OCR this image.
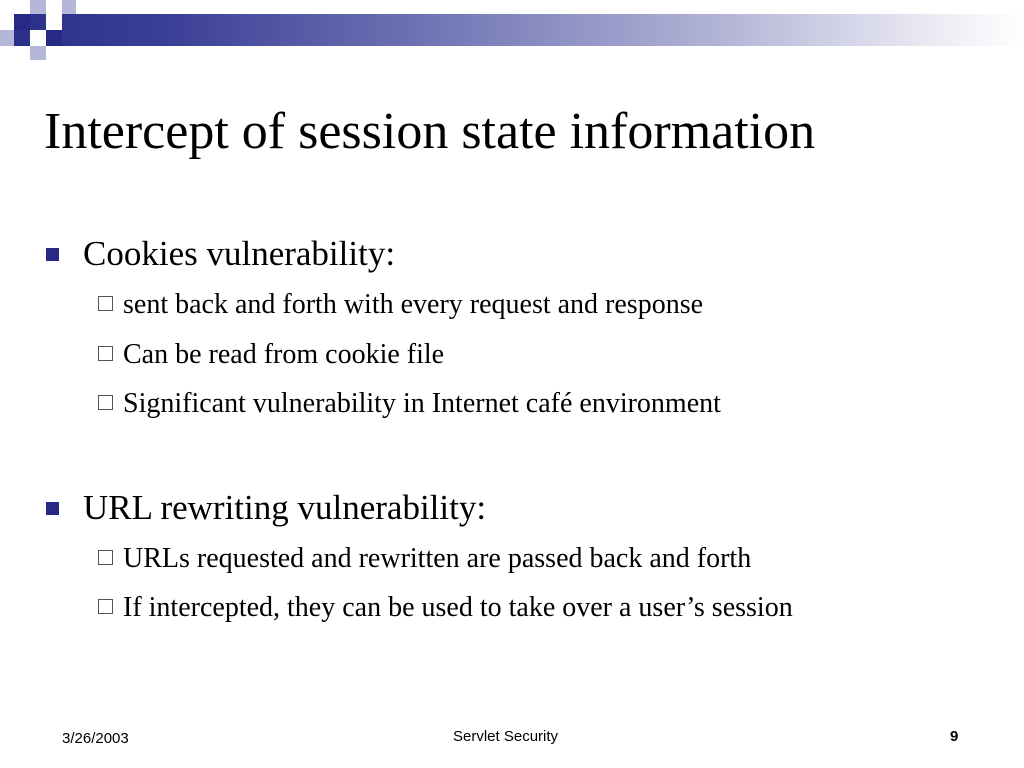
Intercept of session state information
Cookies vulnerability:
sent back and forth with every request and response
Can be read from cookie file
Significant vulnerability in Internet café environment
URL rewriting vulnerability:
URLs requested and rewritten are passed back and forth
If intercepted, they can be used to take over a user’s session
3/26/2003	Servlet Security	9
